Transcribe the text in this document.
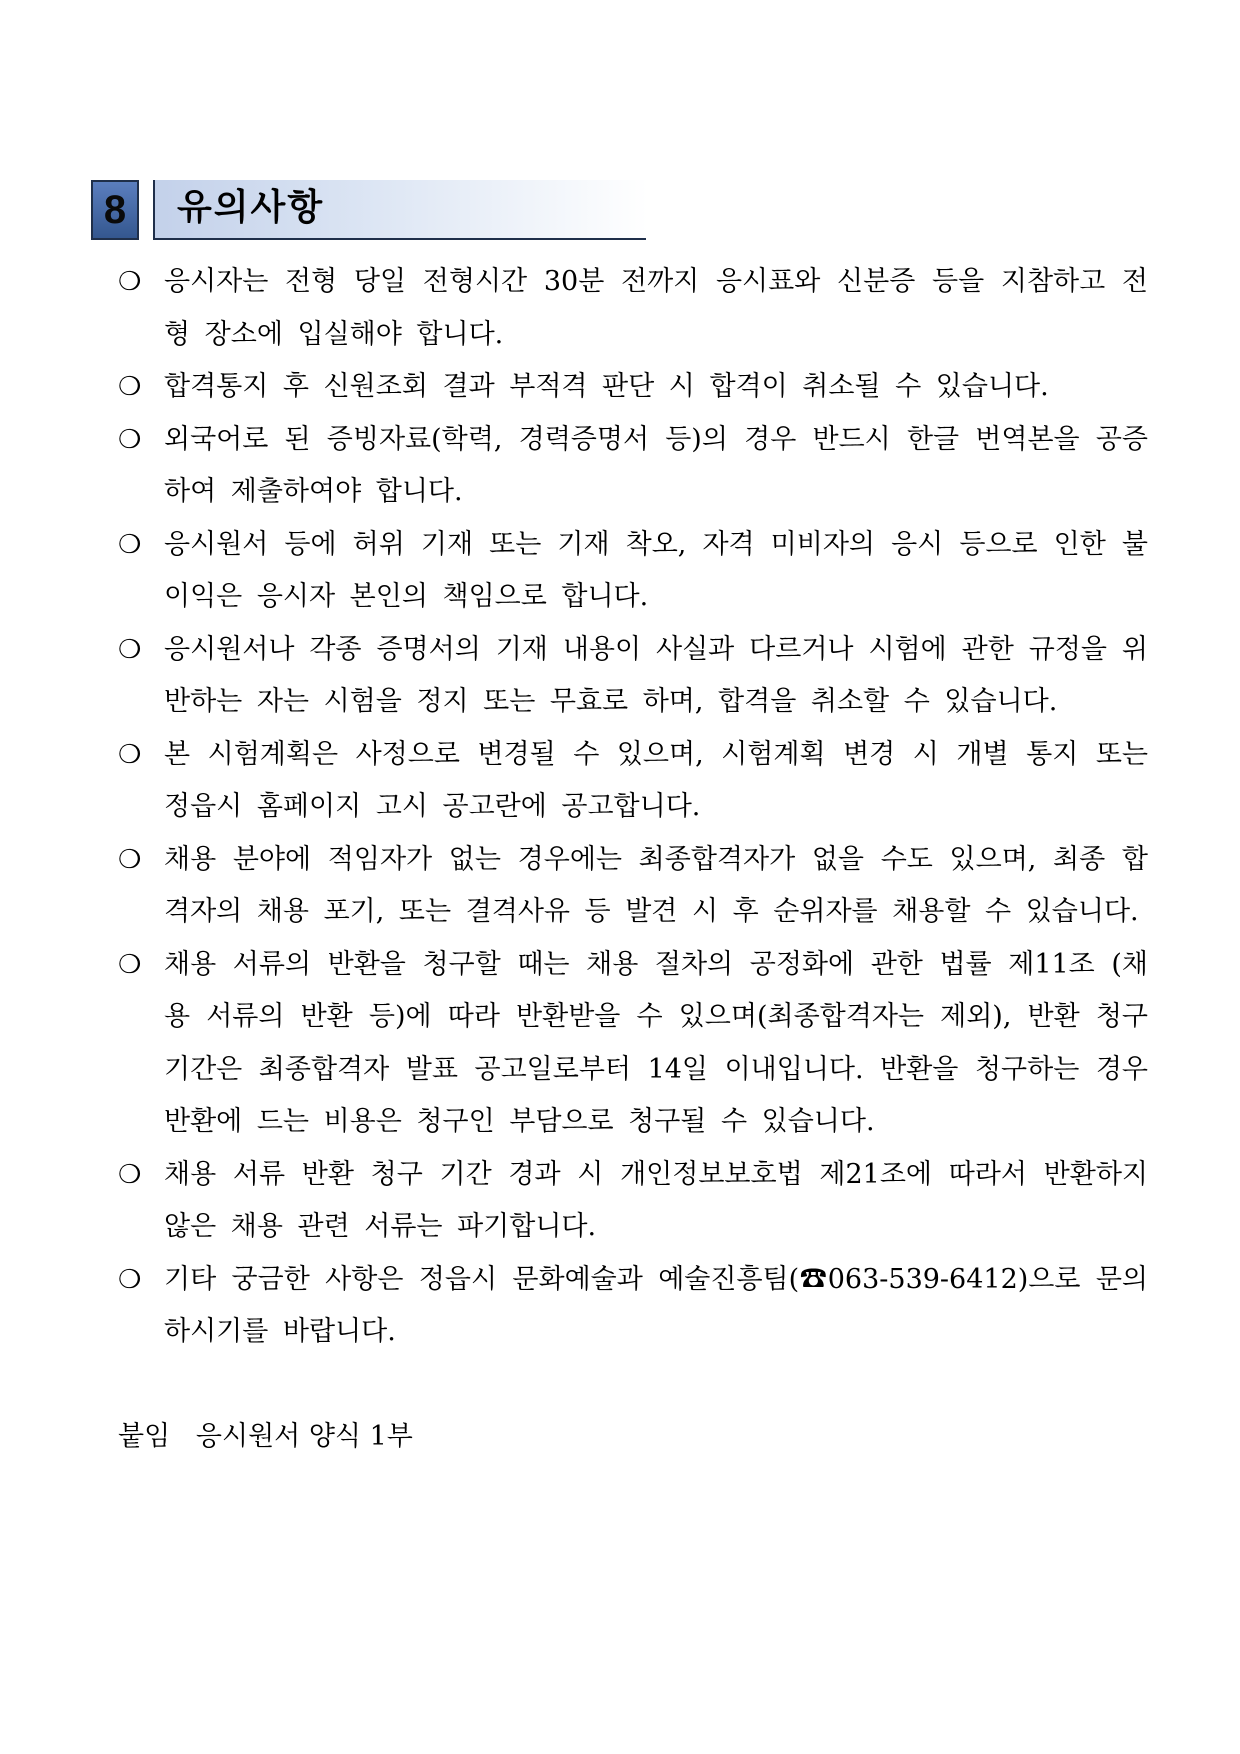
8	유의사항
❍ 응시자는 전형 당일 전형시간 30분 전까지 응시표와 신분증 등을 지참하고 전형 장소에 입실해야 합니다.
❍ 합격통지 후 신원조회 결과 부적격 판단 시 합격이 취소될 수 있습니다.
❍ 외국어로 된 증빙자료(학력, 경력증명서 등)의 경우 반드시 한글 번역본을 공증하여 제출하여야 합니다.
❍ 응시원서 등에 허위 기재 또는 기재 착오, 자격 미비자의 응시 등으로 인한 불이익은 응시자 본인의 책임으로 합니다.
❍ 응시원서나 각종 증명서의 기재 내용이 사실과 다르거나 시험에 관한 규정을 위반하는 자는 시험을 정지 또는 무효로 하며, 합격을 취소할 수 있습니다.
❍ 본 시험계획은 사정으로 변경될 수 있으며, 시험계획 변경 시 개별 통지 또는 정읍시 홈페이지 고시 공고란에 공고합니다.
❍ 채용 분야에 적임자가 없는 경우에는 최종합격자가 없을 수도 있으며, 최종 합격자의 채용 포기, 또는 결격사유 등 발견 시 후 순위자를 채용할 수 있습니다.
❍ 채용 서류의 반환을 청구할 때는 채용 절차의 공정화에 관한 법률 제11조 (채용 서류의 반환 등)에 따라 반환받을 수 있으며(최종합격자는 제외), 반환 청구 기간은 최종합격자 발표 공고일로부터 14일 이내입니다. 반환을 청구하는 경우 반환에 드는 비용은 청구인 부담으로 청구될 수 있습니다.
❍ 채용 서류 반환 청구 기간 경과 시 개인정보보호법 제21조에 따라서 반환하지 않은 채용 관련 서류는 파기합니다.
❍ 기타 궁금한 사항은 정읍시 문화예술과 예술진흥팀(☎063-539-6412)으로 문의하시기를 바랍니다.
붙임   응시원서 양식 1부
